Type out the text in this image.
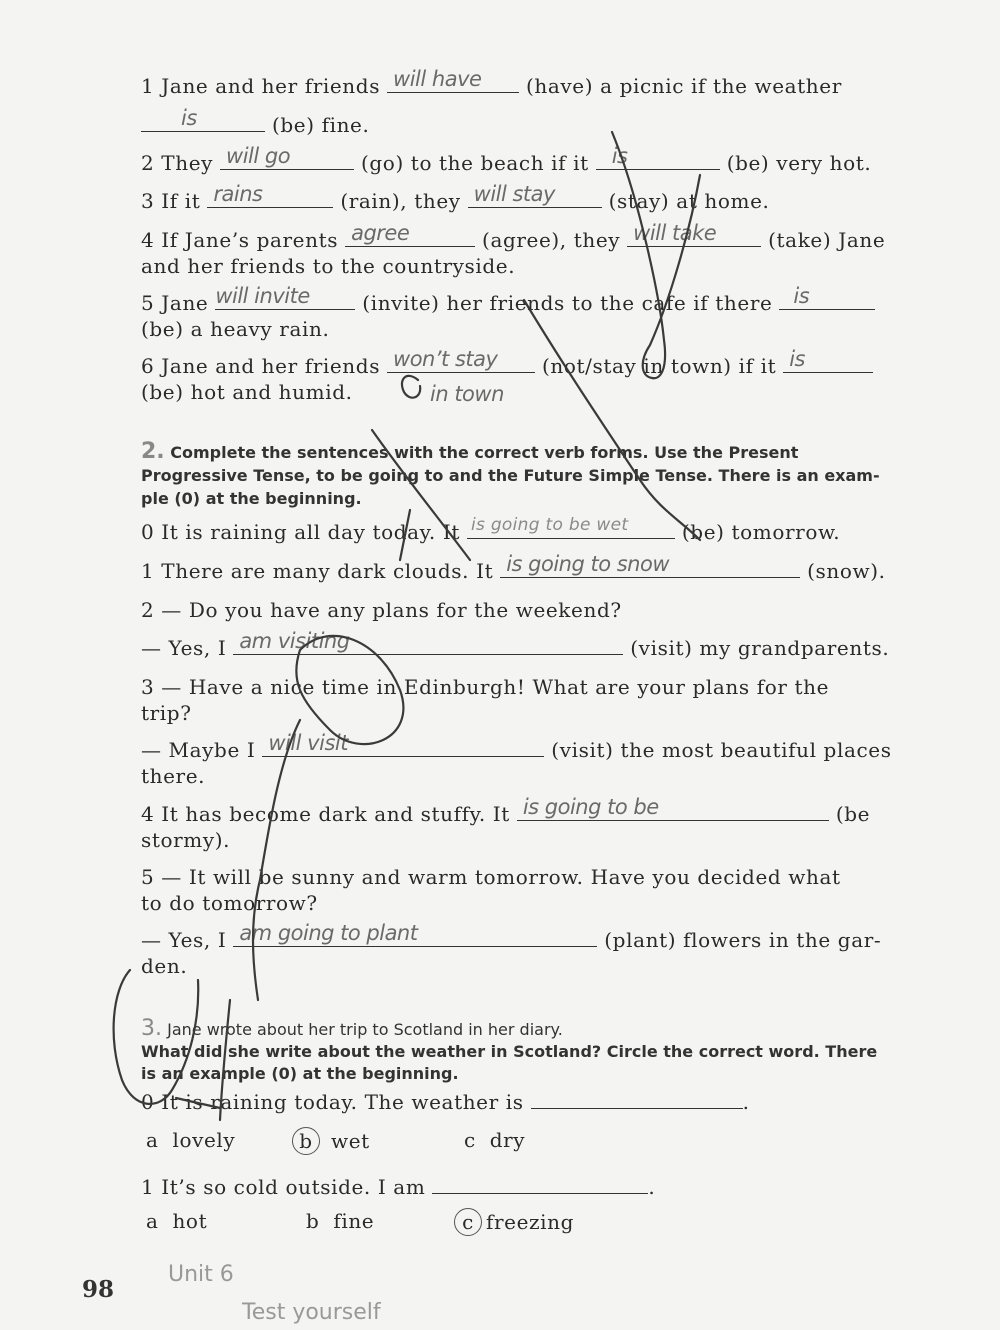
1 Jane and her friends will have (have) a picnic if the weather
is	(be) fine.
2 They will go	(go) to the beach if it is	(be) very hot.
3 If it rains	(rain), they will stay	(stay) at home.
4 If Jane’s parents agree	(agree), they will take	(take) Jane
and her friends to the countryside.
5 Jane will invite	(invite) her friends to the cafe if there is
(be) a heavy rain.
6 Jane and her friends won’t stay (not/stay in town) if it is
(be) hot and humid.	in town
2. Complete the sentences with the correct verb forms. Use the Present
Progressive Tense, to be going to and the Future Simple Tense. There is an exam-
ple (0) at the beginning.
0 It is raining all day today. It is going to be wet	(be) tomorrow.
1 There are many dark clouds. It is going to snow	(snow).
2 — Do you have any plans for the weekend?
— Yes, I am visiting	(visit) my grandparents.
3 — Have a nice time in Edinburgh! What are your plans for the
trip?
— Maybe I will visit	(visit) the most beautiful places
there.
4 It has become dark and stuffy. It is going to be	(be
stormy).
5 — It will be sunny and warm tomorrow. Have you decided what
to do tomorrow?
— Yes, I am going to plant	(plant) flowers in the gar-
den.
3. Jane wrote about her trip to Scotland in her diary.
What did she write about the weather in Scotland? Circle the correct word. There
is an example (0) at the beginning.
0 It is raining today. The weather is	.
a lovely	b wet	c dry
1 It’s so cold outside. I am	.
a hot	b fine	c freezing
98
Unit 6
Test yourself
